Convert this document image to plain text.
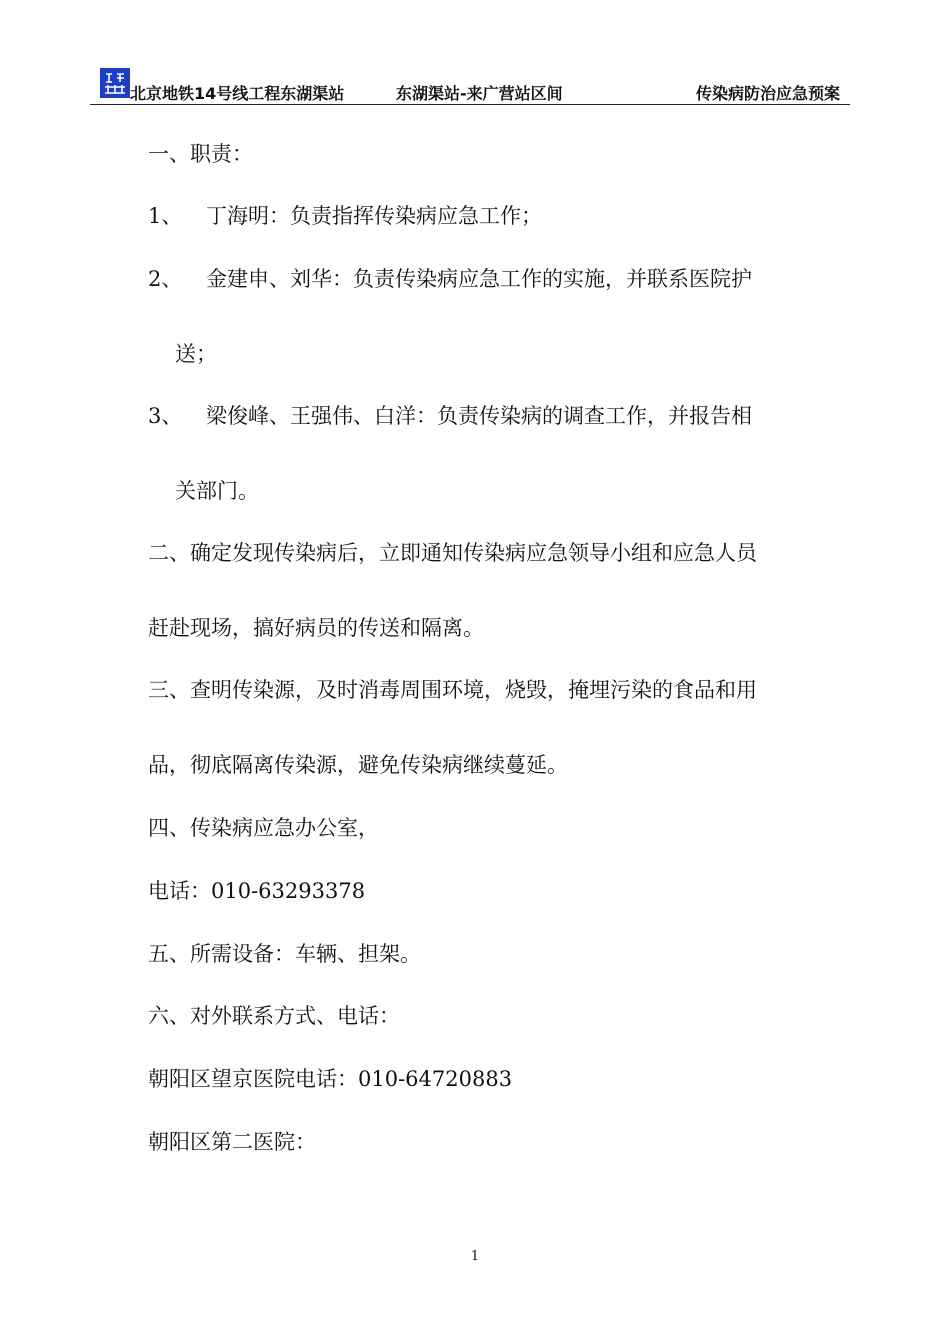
北京地铁14号线工程东湖渠站	东湖渠站-来广营站区间	传染病防治应急预案
一、职责：
1、 丁海明：负责指挥传染病应急工作；
2、 金建申、刘华：负责传染病应急工作的实施，并联系医院护
送；
3、 梁俊峰、王强伟、白洋：负责传染病的调查工作，并报告相
关部门。
二、确定发现传染病后，立即通知传染病应急领导小组和应急人员
赶赴现场，搞好病员的传送和隔离。
三、查明传染源，及时消毒周围环境，烧毁，掩埋污染的食品和用
品，彻底隔离传染源，避免传染病继续蔓延。
四、传染病应急办公室，
电话：010-63293378
五、所需设备：车辆、担架。
六、对外联系方式、电话：
朝阳区望京医院电话：010-64720883
朝阳区第二医院：
1
